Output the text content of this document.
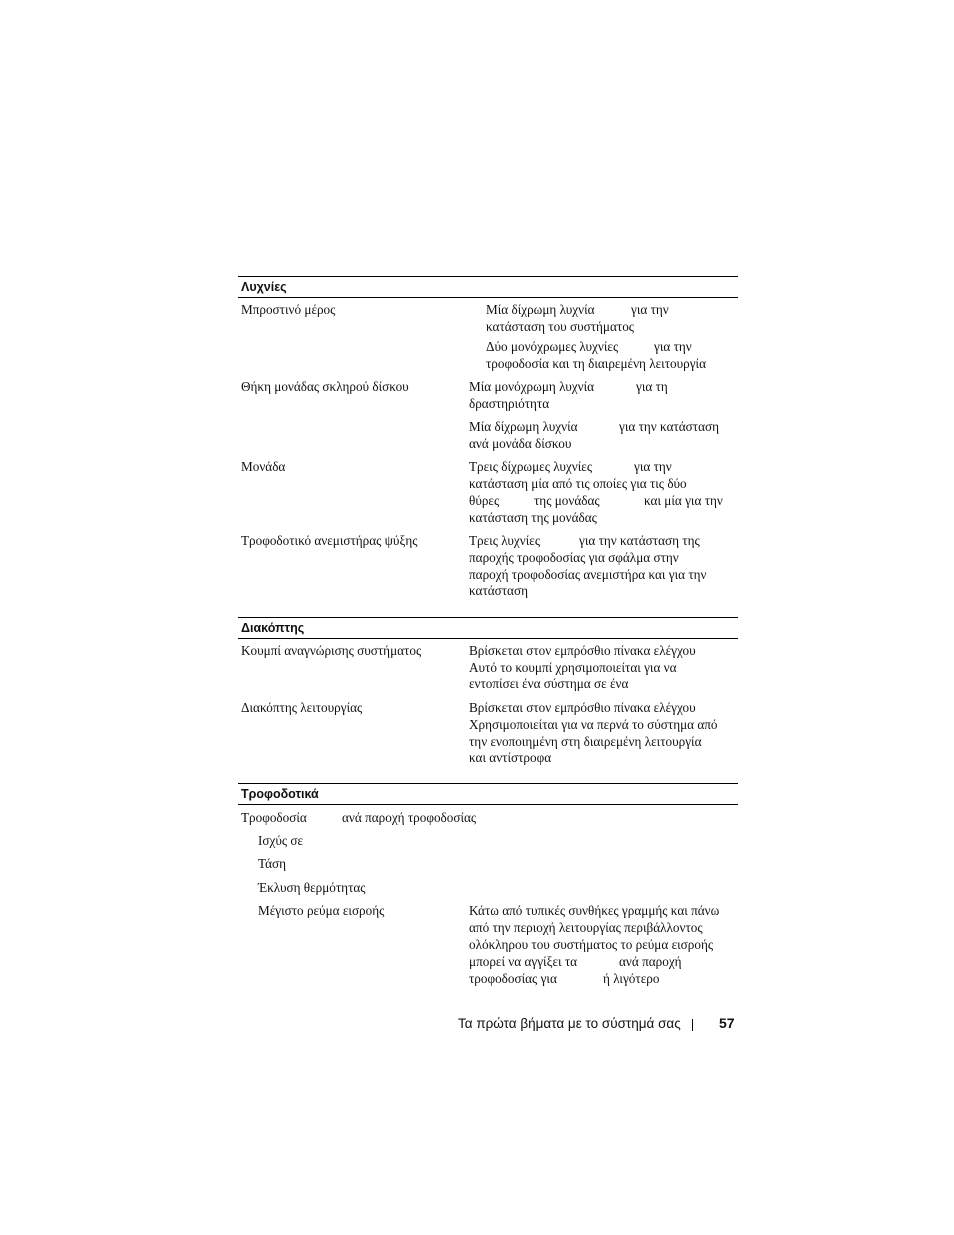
Λυχνίες
Μπροστινό μέρος	Μία δίχρωμη λυχνία	για την
κατάσταση του συστήματος
Δύο μονόχρωμες λυχνίες	για την
τροφοδοσία και τη διαιρεμένη λειτουργία
Θήκη μονάδας σκληρού δίσκου	Μία μονόχρωμη λυχνία	για τη
δραστηριότητα
Μία δίχρωμη λυχνία	για την κατάσταση
ανά μονάδα δίσκου
Μονάδα	Τρεις δίχρωμες λυχνίες	για την
κατάσταση μία από τις οποίες για τις δύο
θύρες	της μονάδας	και μία για την
κατάσταση της μονάδας
Τροφοδοτικό ανεμιστήρας ψύξης	Τρεις λυχνίες	για την κατάσταση της
παροχής τροφοδοσίας για σφάλμα στην
παροχή τροφοδοσίας ανεμιστήρα και για την
κατάσταση
Διακόπτης
Κουμπί αναγνώρισης συστήματος	Βρίσκεται στον εμπρόσθιο πίνακα ελέγχου
Αυτό το κουμπί χρησιμοποιείται για να
εντοπίσει ένα σύστημα σε ένα
Διακόπτης λειτουργίας	Βρίσκεται στον εμπρόσθιο πίνακα ελέγχου
Χρησιμοποιείται για να περνά το σύστημα από
την ενοποιημένη στη διαιρεμένη λειτουργία
και αντίστροφα
Τροφοδοτικά
Τροφοδοσία	ανά παροχή τροφοδοσίας
Ισχύς σε
Τάση
Έκλυση θερμότητας
Μέγιστο ρεύμα εισροής	Κάτω από τυπικές συνθήκες γραμμής και πάνω
από την περιοχή λειτουργίας περιβάλλοντος
ολόκληρου του συστήματος το ρεύμα εισροής
μπορεί να αγγίξει τα	ανά παροχή
τροφοδοσίας για	ή λιγότερο
Τα πρώτα βήματα με το σύστημά σας	57
